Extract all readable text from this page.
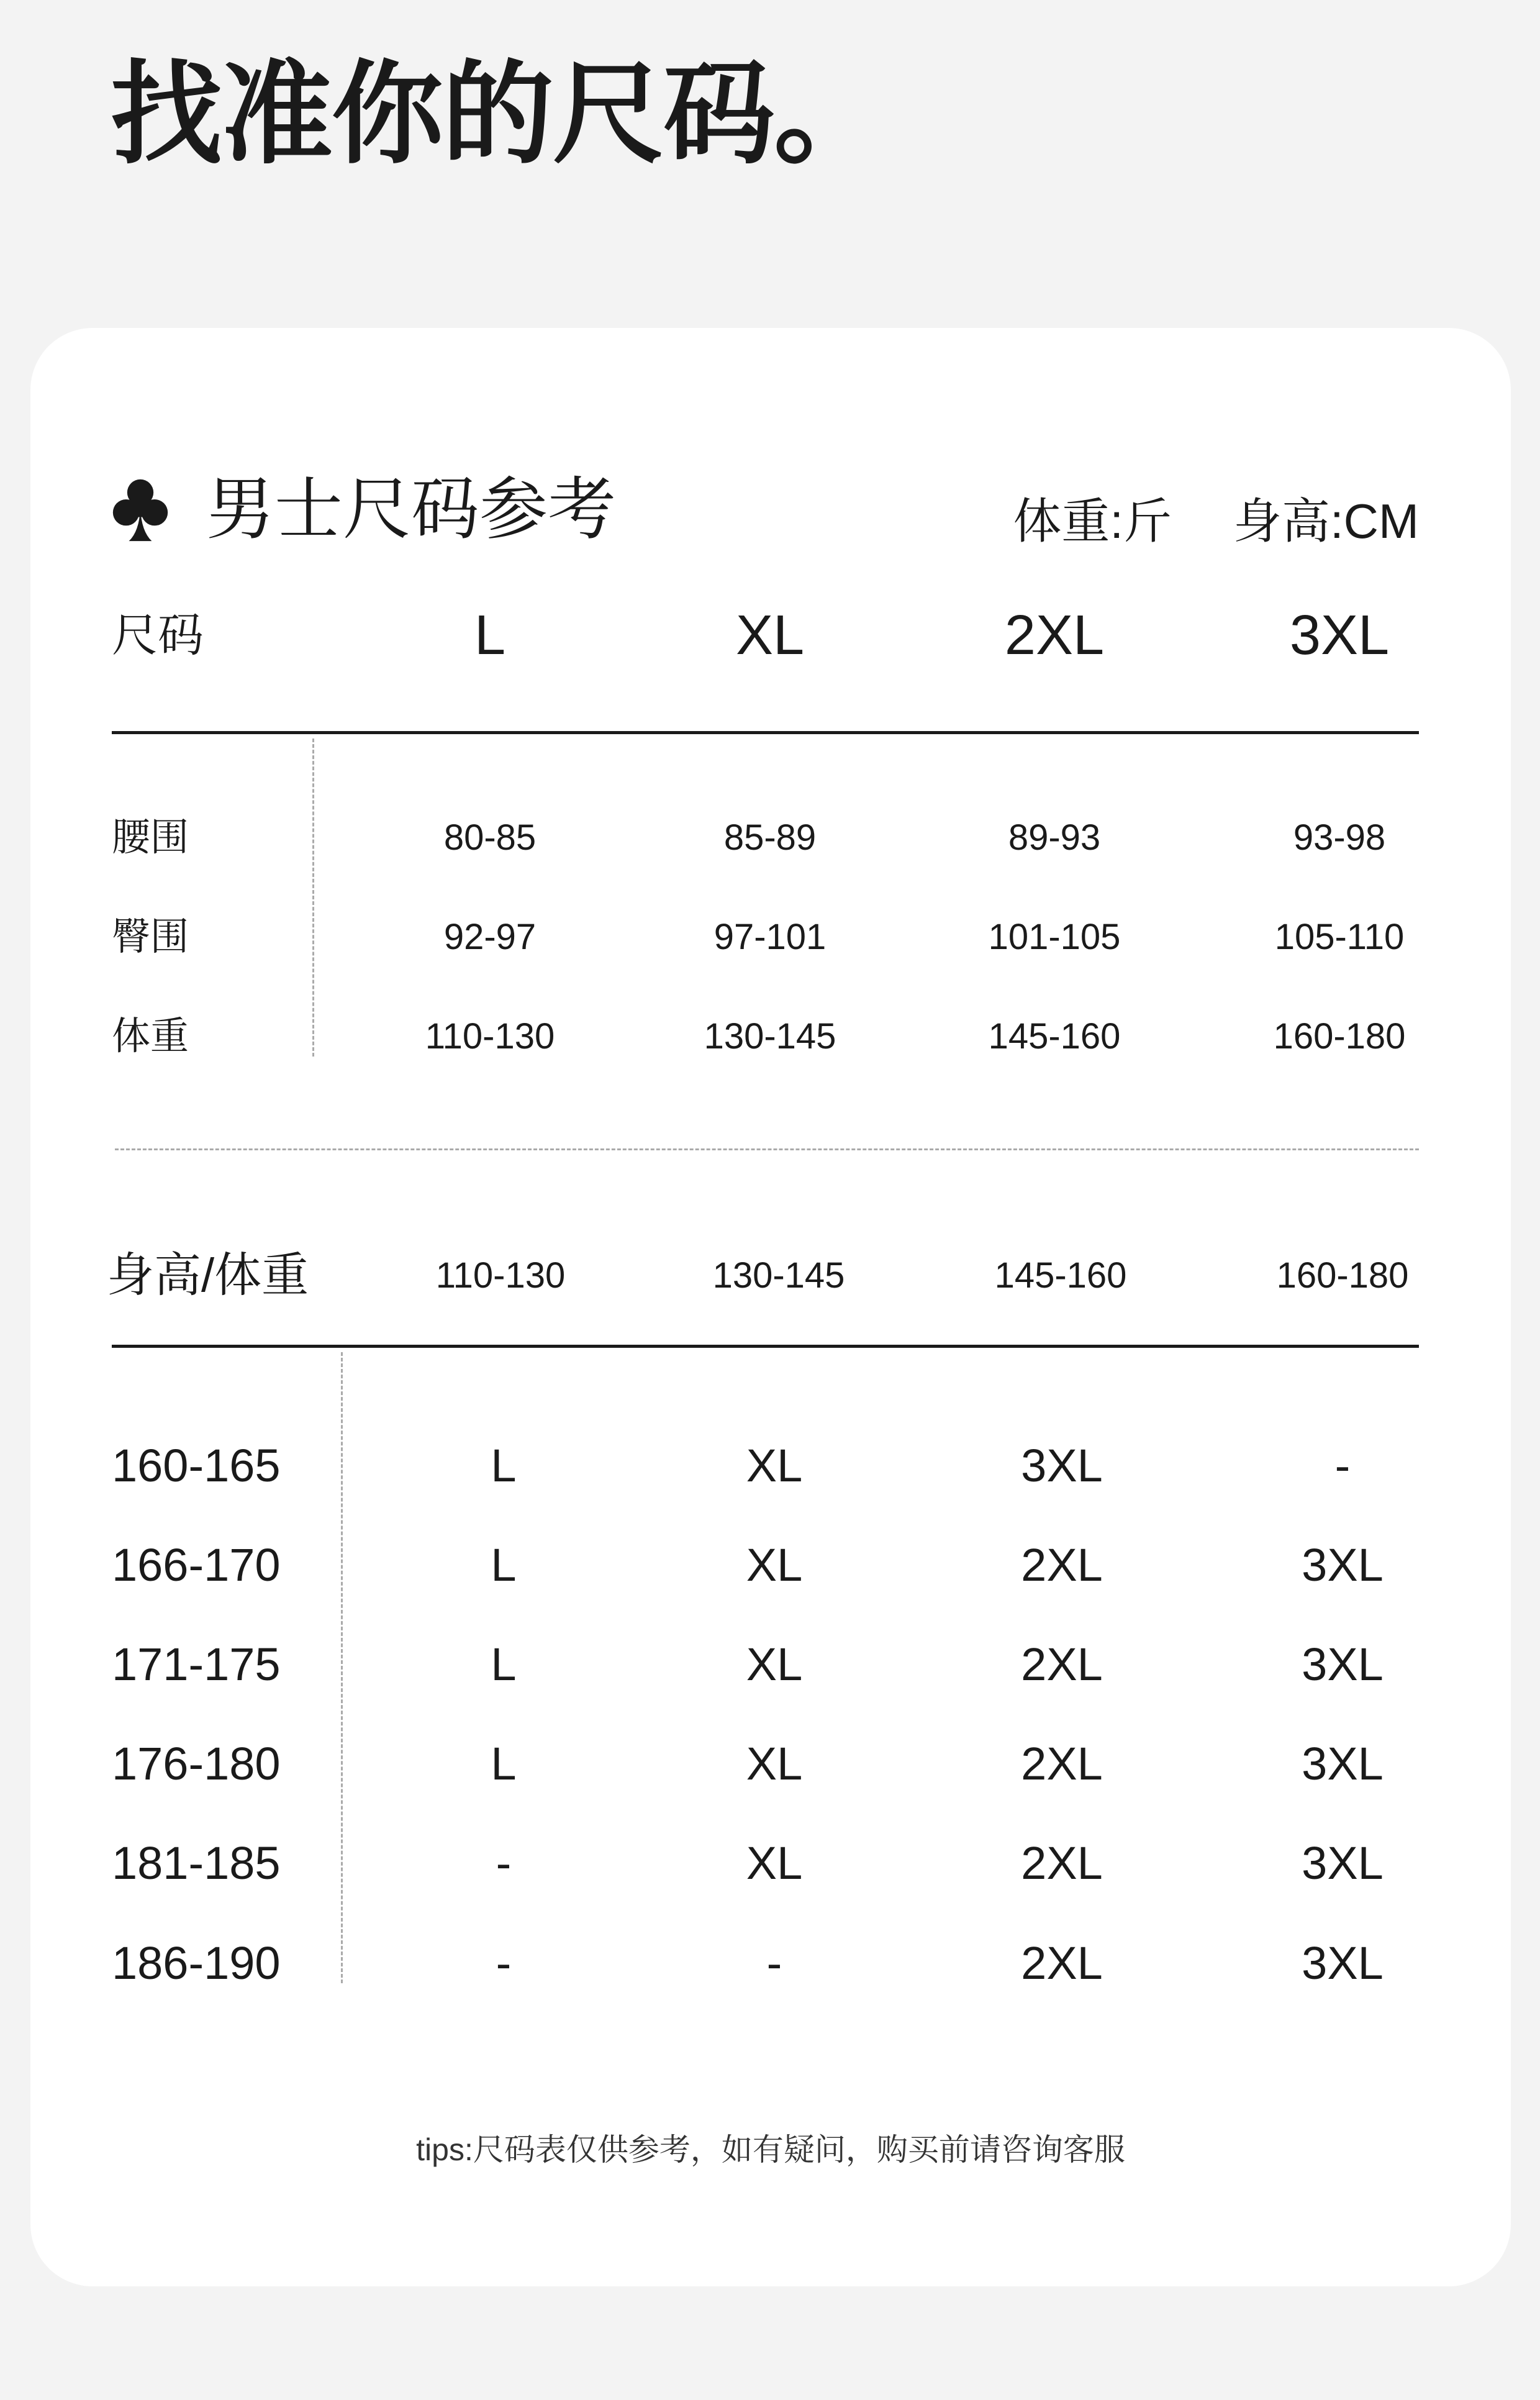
找准你的尺码。
男士尺码参考	体重:斤 身高:CM
尺码	L	XL	2XL	3XL
腰围	80-85	85-89	89-93	93-98
臀围	92-97	97-101	101-105	105-110
体重	110-130	130-145	145-160	160-180
身高/体重	110-130	130-145	145-160	160-180
160-165	L	XL	3XL	-
166-170	L	XL	2XL	3XL
171-175	L	XL	2XL	3XL
176-180	L	XL	2XL	3XL
181-185	-	XL	2XL	3XL
186-190	-	-	2XL	3XL
tips:尺码表仅供参考，如有疑问，购买前请咨询客服
